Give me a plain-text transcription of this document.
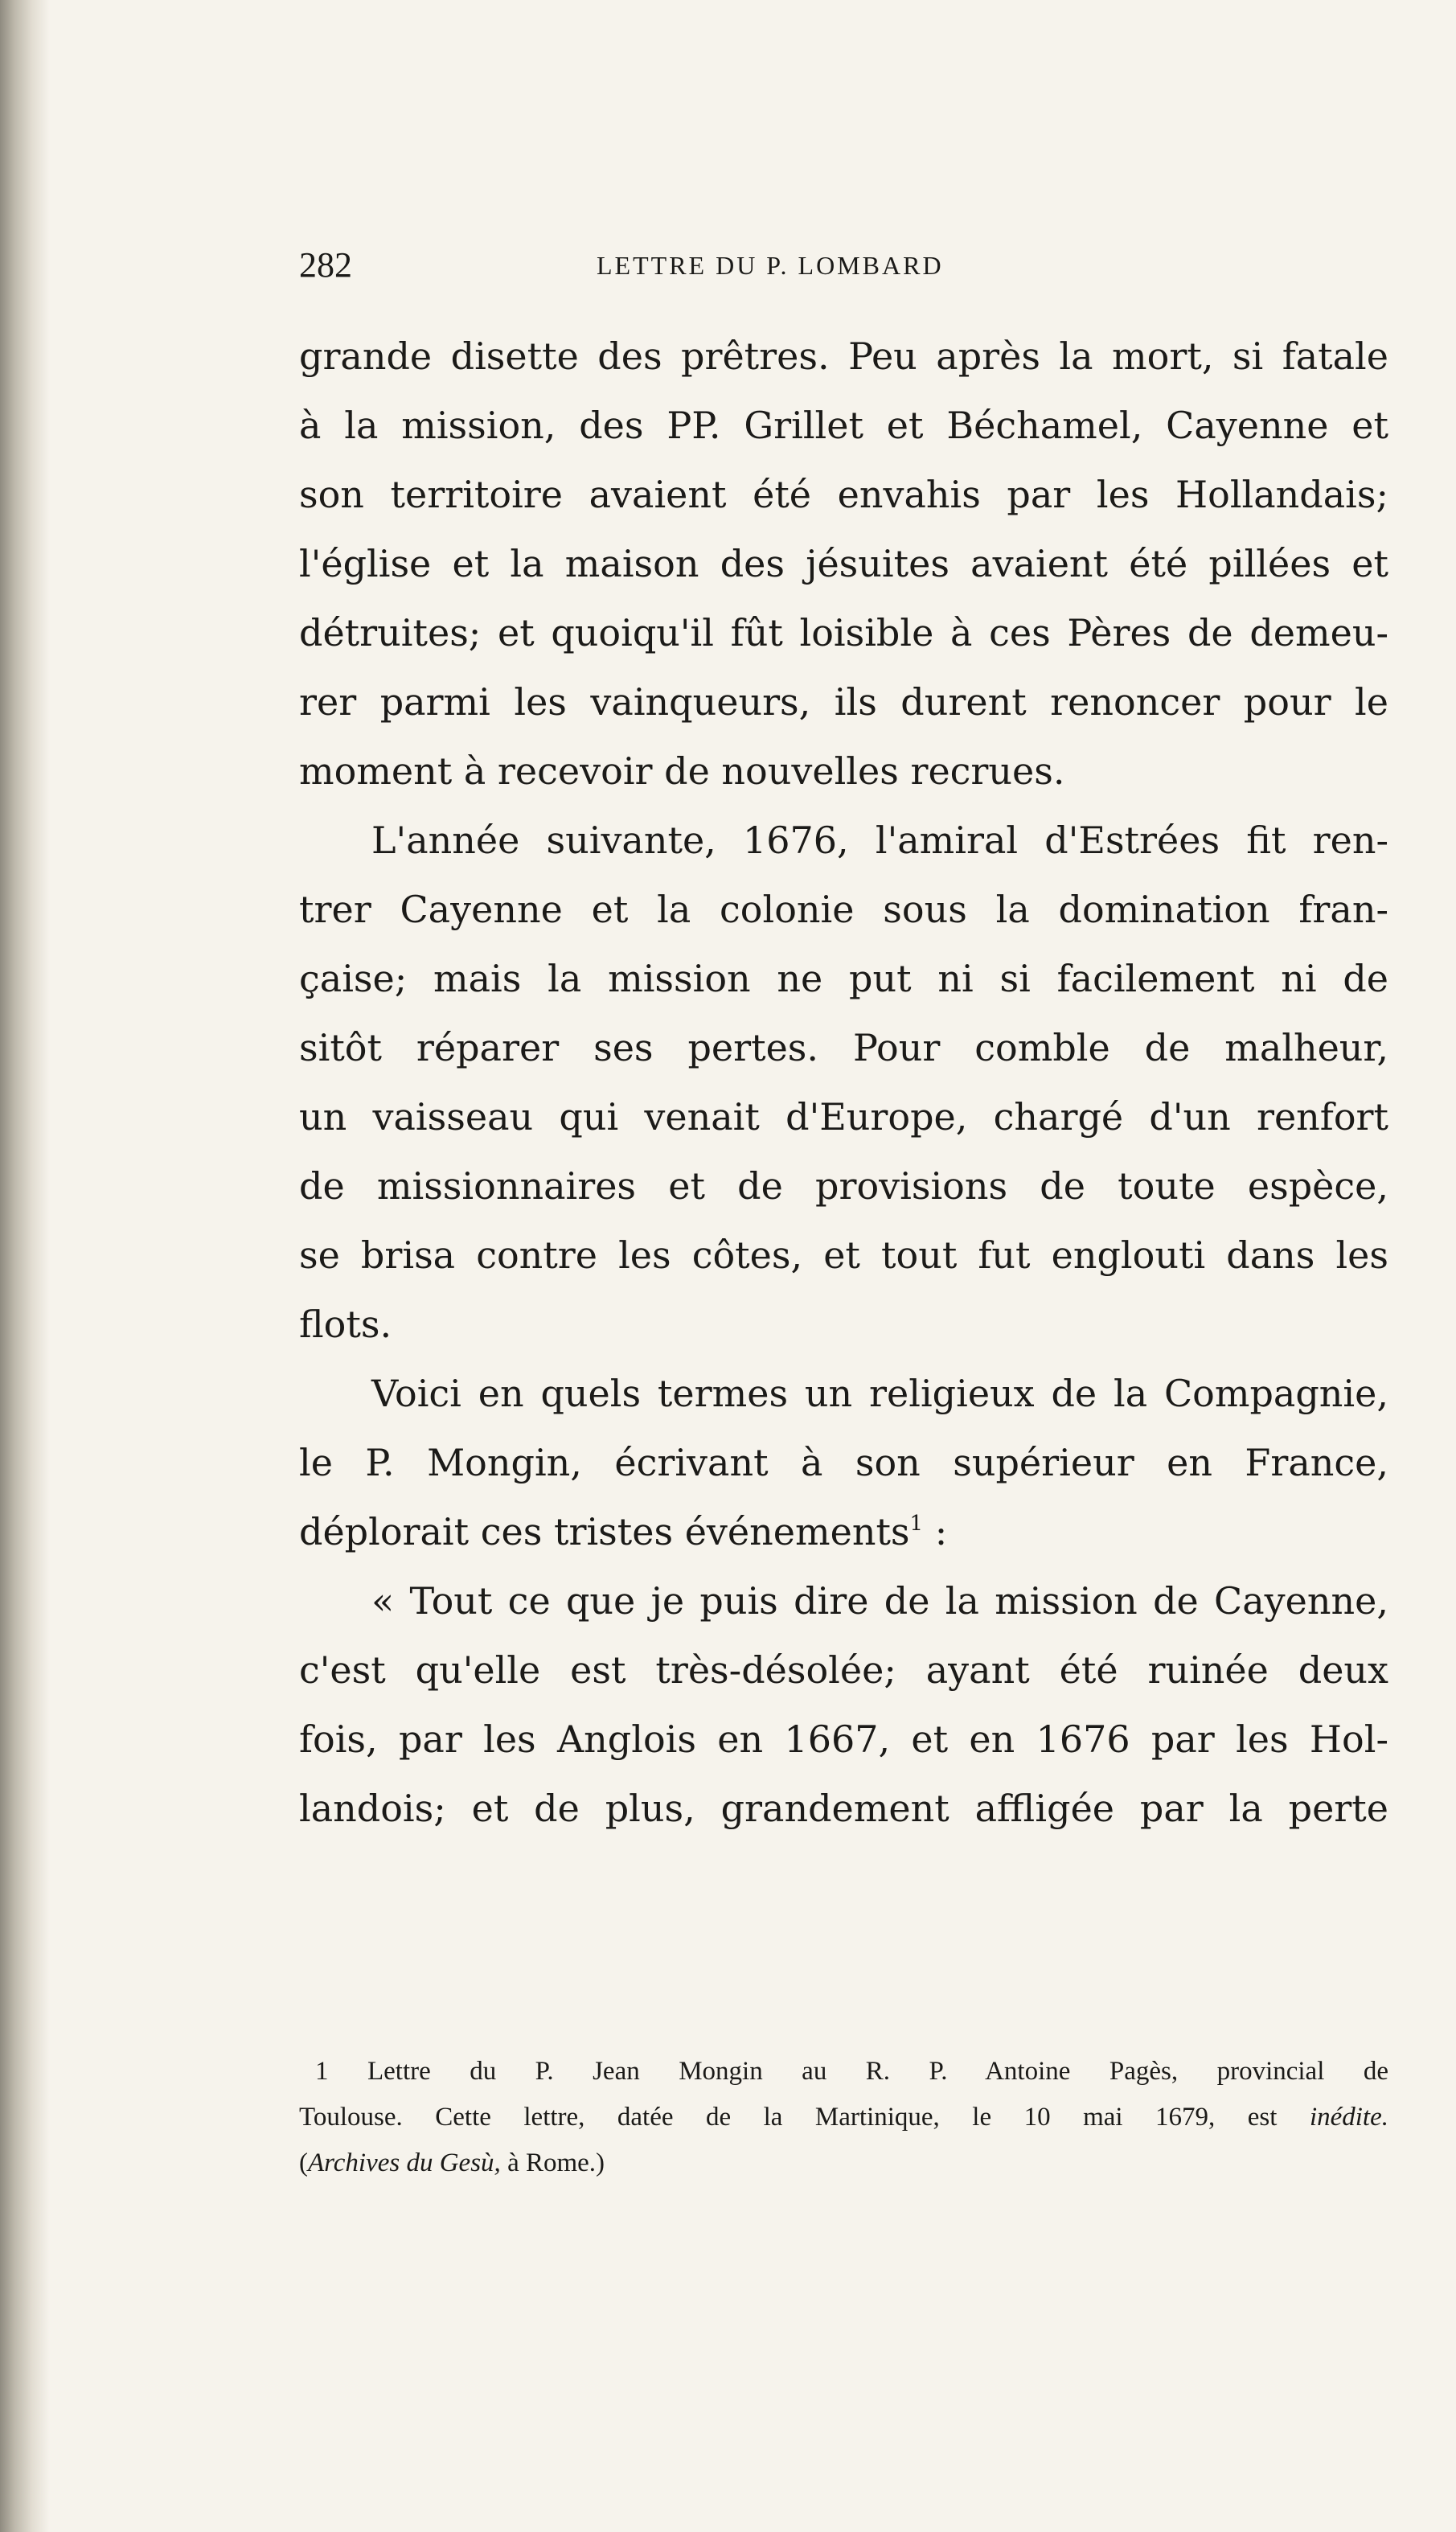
282	LETTRE DU P. LOMBARD
grande disette des prêtres. Peu après la mort, si fatale
à la mission, des PP. Grillet et Béchamel, Cayenne et
son territoire avaient été envahis par les Hollandais;
l'église et la maison des jésuites avaient été pillées et
détruites; et quoiqu'il fût loisible à ces Pères de demeu-
rer parmi les vainqueurs, ils durent renoncer pour le
moment à recevoir de nouvelles recrues.
L'année suivante, 1676, l'amiral d'Estrées fit ren-
trer Cayenne et la colonie sous la domination fran-
çaise; mais la mission ne put ni si facilement ni de
sitôt réparer ses pertes. Pour comble de malheur,
un vaisseau qui venait d'Europe, chargé d'un renfort
de missionnaires et de provisions de toute espèce,
se brisa contre les côtes, et tout fut englouti dans les
flots.
Voici en quels termes un religieux de la Compagnie,
le P. Mongin, écrivant à son supérieur en France,
déplorait ces tristes événements$^1$ :
« Tout ce que je puis dire de la mission de Cayenne,
c'est qu'elle est très-désolée; ayant été ruinée deux
fois, par les Anglois en 1667, et en 1676 par les Hol-
landois; et de plus, grandement affligée par la perte
1 Lettre du P. Jean Mongin au R. P. Antoine Pagès, provincial de
Toulouse. Cette lettre, datée de la Martinique, le 10 mai 1679, est inédite.
(Archives du Gesù, à Rome.)
